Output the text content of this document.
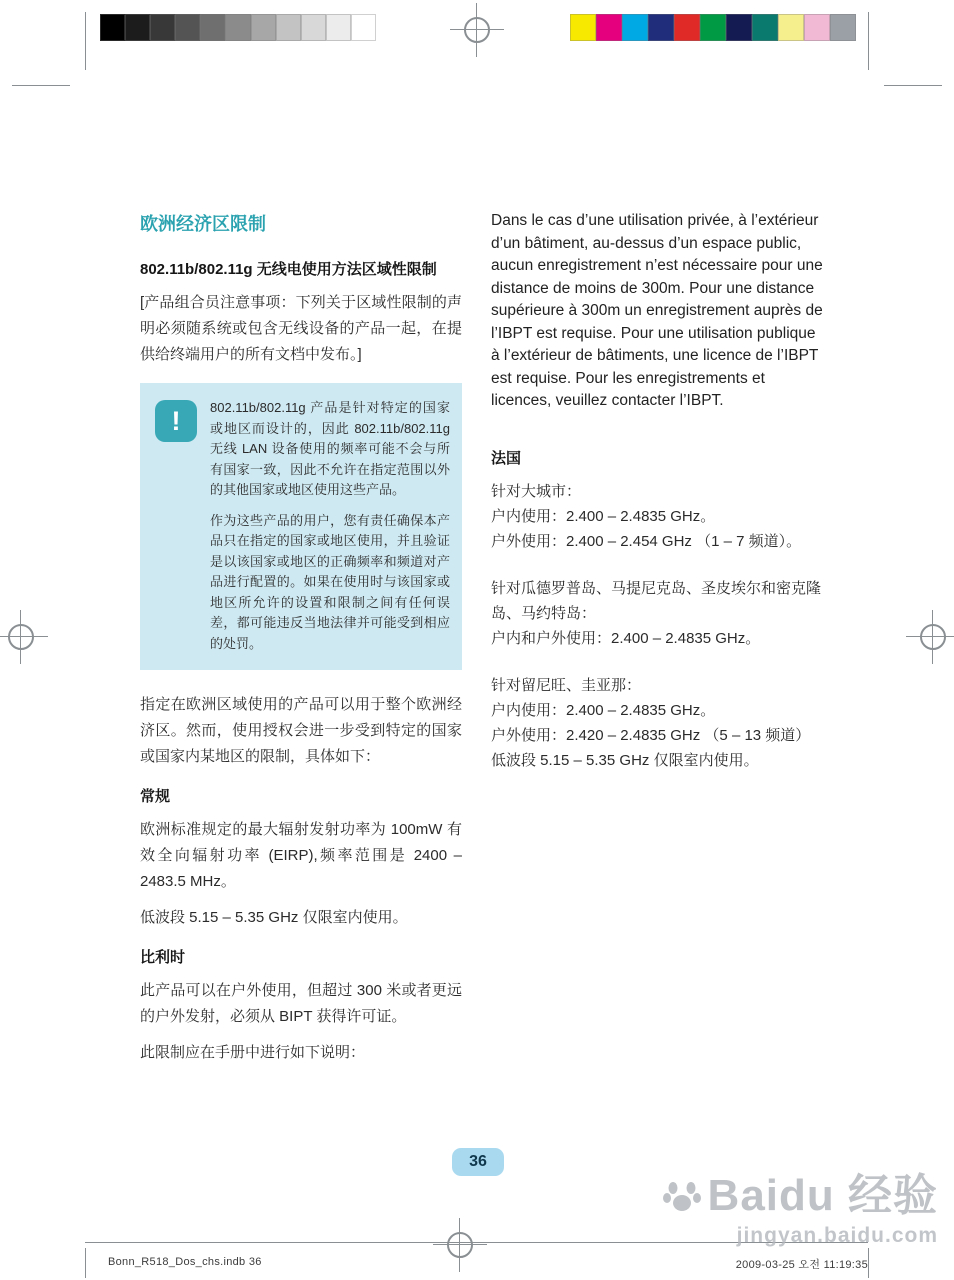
欧洲经济区限制
802.11b/802.11g 无线电使用方法区域性限制
[产品组合员注意事项：下列关于区域性限制的声明必须随系统或包含无线设备的产品一起，在提供给终端用户的所有文档中发布。]
!	802.11b/802.11g 产品是针对特定的国家或地区而设计的，因此 802.11b/802.11g 无线 LAN 设备使用的频率可能不会与所有国家一致，因此不允许在指定范围以外的其他国家或地区使用这些产品。
作为这些产品的用户，您有责任确保本产品只在指定的国家或地区使用，并且验证是以该国家或地区的正确频率和频道对产品进行配置的。如果在使用时与该国家或地区所允许的设置和限制之间有任何误差，都可能违反当地法律并可能受到相应的处罚。
指定在欧洲区域使用的产品可以用于整个欧洲经济区。然而，使用授权会进一步受到特定的国家或国家内某地区的限制，具体如下：
常规
欧洲标准规定的最大辐射发射功率为 100mW 有效全向辐射功率 (EIRP),频率范围是 2400 – 2483.5 MHz。
低波段 5.15 – 5.35 GHz 仅限室内使用。
比利时
此产品可以在户外使用，但超过 300 米或者更远的户外发射，必须从 BIPT 获得许可证。
此限制应在手册中进行如下说明：
Dans le cas d’une utilisation privée, à l’extérieur d’un bâtiment, au-dessus d’un espace public, aucun enregistrement n’est nécessaire pour une distance de moins de 300m. Pour une distance supérieure à 300m un enregistrement auprès de l’IBPT est requise. Pour une utilisation publique à l’extérieur de bâtiments, une licence de l’IBPT est requise. Pour les enregistrements et licences, veuillez contacter l’IBPT.
法国
针对大城市：
户内使用：2.400 – 2.4835 GHz。
户外使用：2.400 – 2.454 GHz （1 – 7 频道）。
针对瓜德罗普岛、马提尼克岛、圣皮埃尔和密克隆岛、马约特岛：
户内和户外使用：2.400 – 2.4835 GHz。
针对留尼旺、圭亚那：
户内使用：2.400 – 2.4835 GHz。
户外使用：2.420 – 2.4835 GHz （5 – 13 频道）
低波段 5.15 – 5.35 GHz 仅限室内使用。
36
Baidu 经验
jingyan.baidu.com
Bonn_R518_Dos_chs.indb 36	2009-03-25 오전 11:19:35
